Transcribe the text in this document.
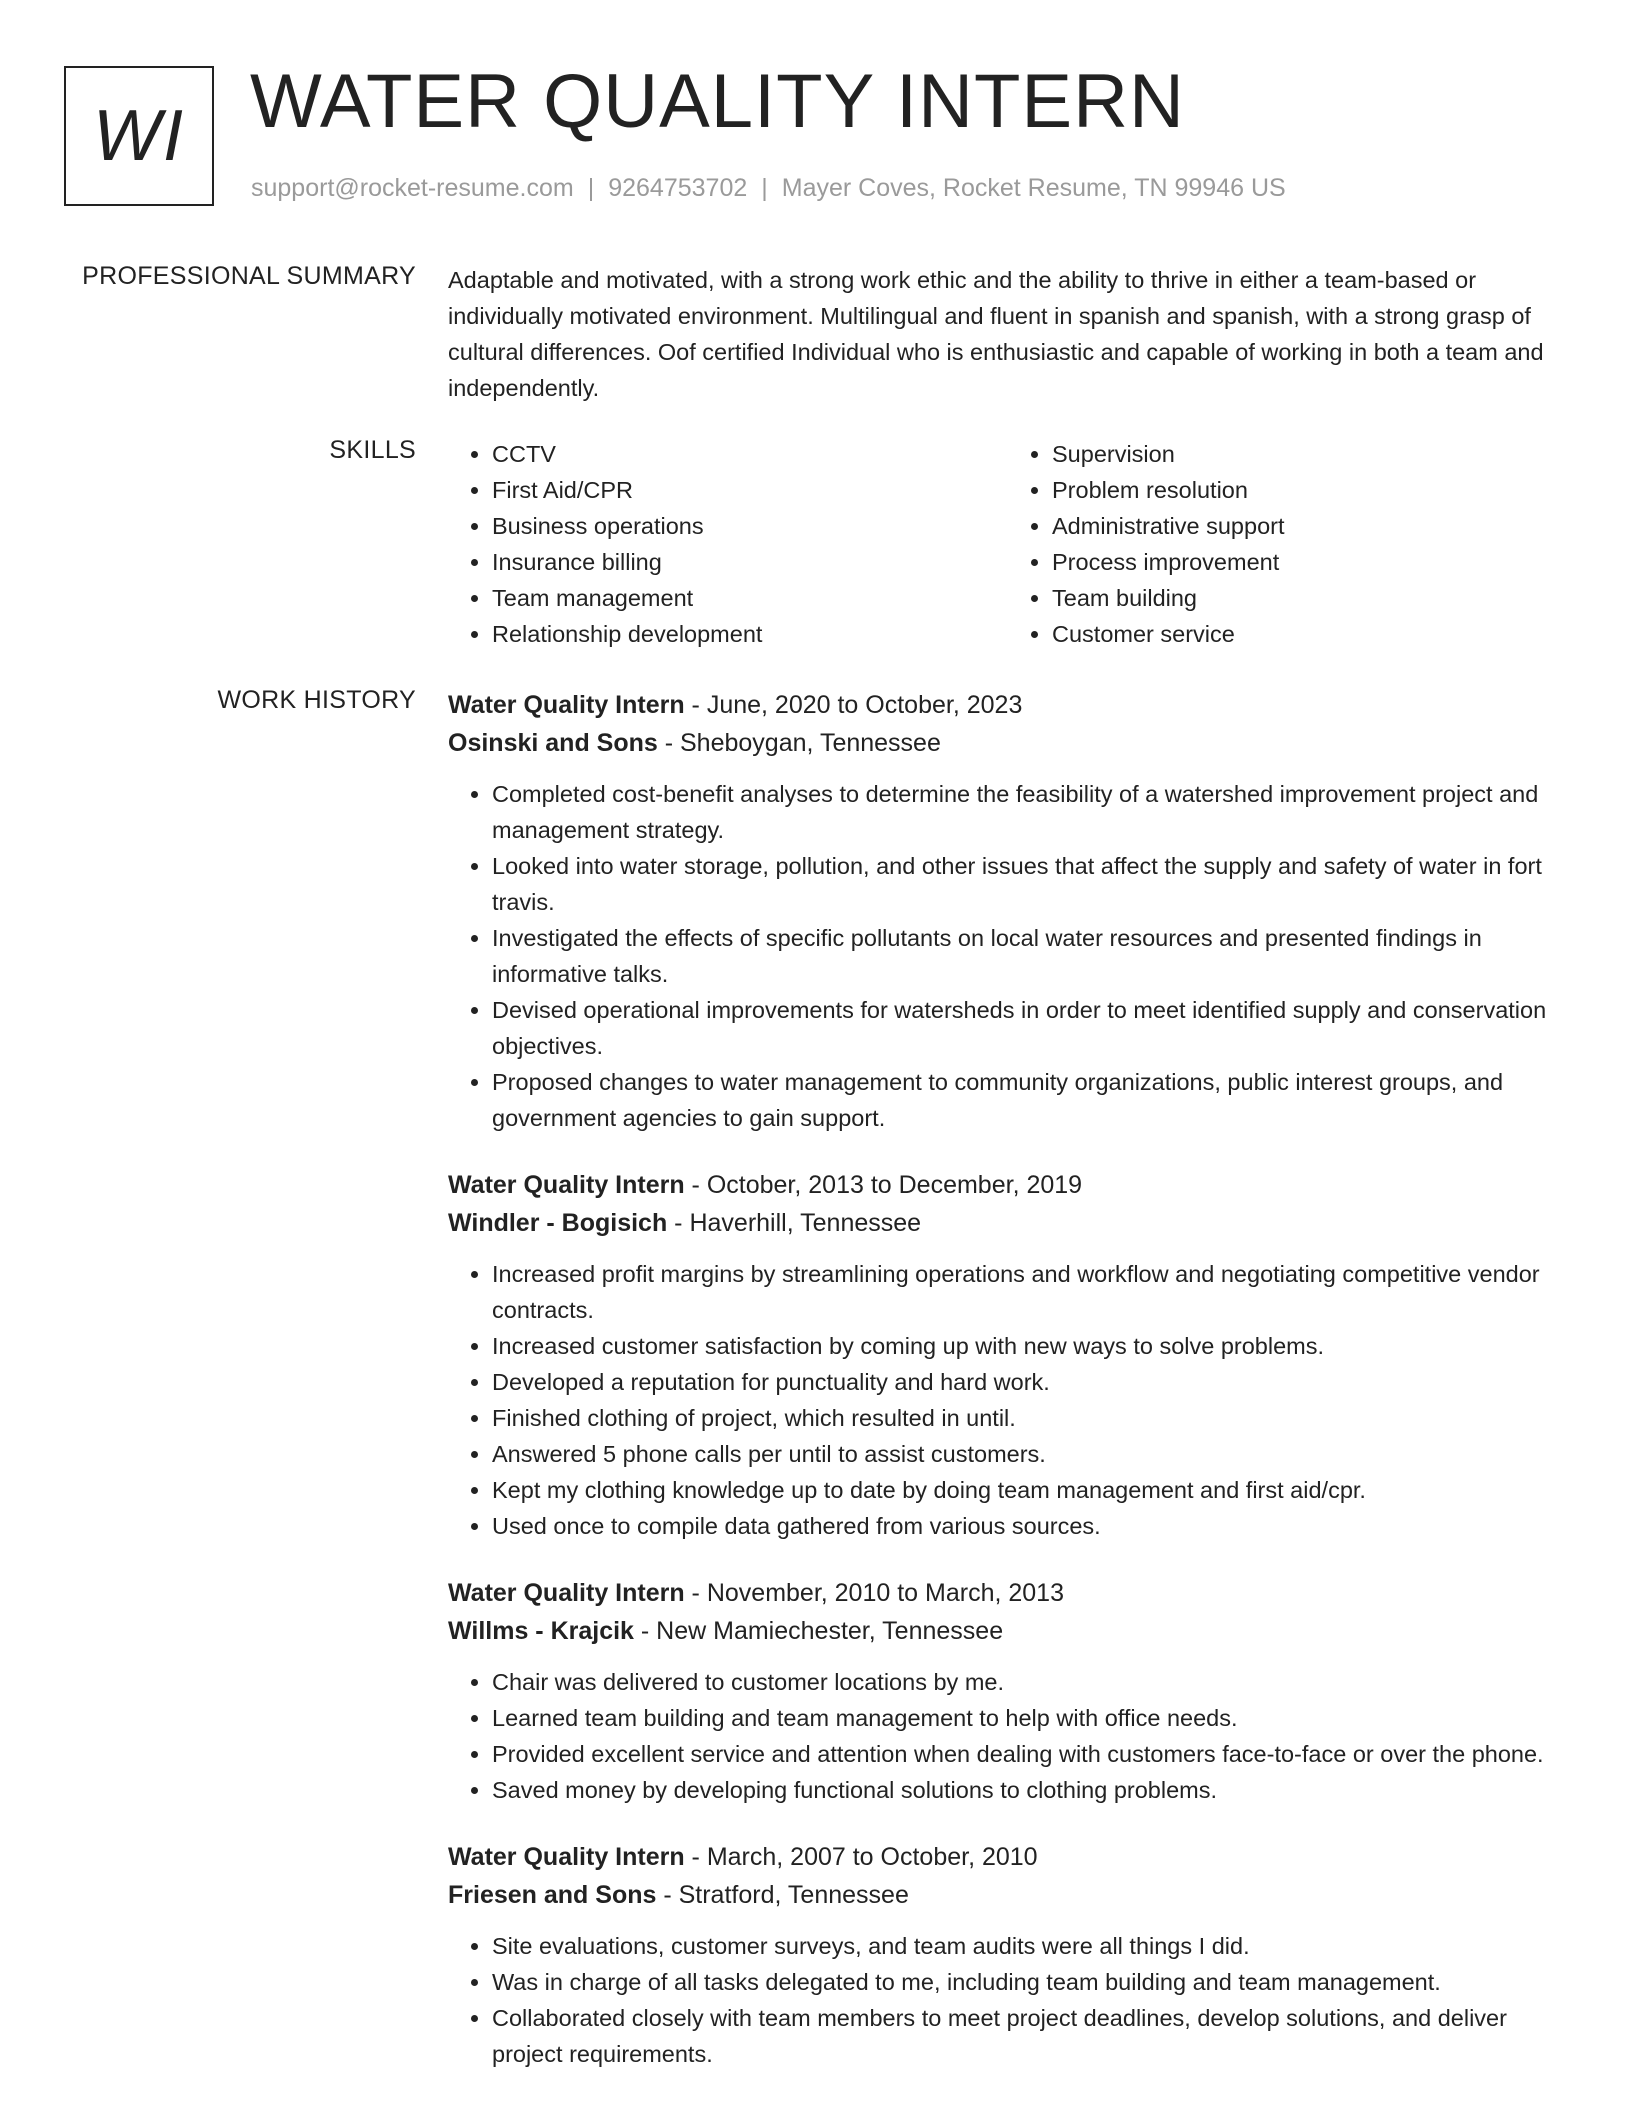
WI WATER QUALITY INTERN
support@rocket-resume.com | 9264753702 | Mayer Coves, Rocket Resume, TN 99946 US
PROFESSIONAL SUMMARY Adaptable and motivated, with a strong work ethic and the ability to thrive in either a team-based or individually motivated environment. Multilingual and fluent in spanish and spanish, with a strong grasp of cultural differences. Oof certified Individual who is enthusiastic and capable of working in both a team and independently.

SKILLS
•	CCTV
• First Aid/CPR
• Business operations
• Insurance billing
• Team management
• Relationship development
• Supervision
• Problem resolution
• Administrative support
• Process improvement
• Team building
• Customer service
WORK HISTORY Water Quality Intern - June, 2020 to October, 2023
Osinski and Sons - Sheboygan, Tennessee
• Completed cost-benefit analyses to determine the feasibility of a watershed improvement project and management strategy.
• Looked into water storage, pollution, and other issues that affect the supply and safety of water in fort travis.
• Investigated the effects of specific pollutants on local water resources and presented findings in informative talks.
• Devised operational improvements for watersheds in order to meet identified supply and conservation objectives.
• Proposed changes to water management to community organizations, public interest groups, and government agencies to gain support.
Water Quality Intern - October, 2013 to December, 2019
Windler - Bogisich - Haverhill, Tennessee
• Increased profit margins by streamlining operations and workflow and negotiating competitive vendor contracts.
• Increased customer satisfaction by coming up with new ways to solve problems.
• Developed a reputation for punctuality and hard work.
• Finished clothing of project, which resulted in until.
• Answered 5 phone calls per until to assist customers.
• Kept my clothing knowledge up to date by doing team management and first aid/cpr.
• Used once to compile data gathered from various sources.
Water Quality Intern - November, 2010 to March, 2013
Willms - Krajcik - New Mamiechester, Tennessee
• Chair was delivered to customer locations by me.
• Learned team building and team management to help with office needs.
• Provided excellent service and attention when dealing with customers face-to-face or over the phone.
• Saved money by developing functional solutions to clothing problems.
Water Quality Intern - March, 2007 to October, 2010
Friesen and Sons - Stratford, Tennessee
• Site evaluations, customer surveys, and team audits were all things I did.
• Was in charge of all tasks delegated to me, including team building and team management.
• Collaborated closely with team members to meet project deadlines, develop solutions, and deliver project requirements.
